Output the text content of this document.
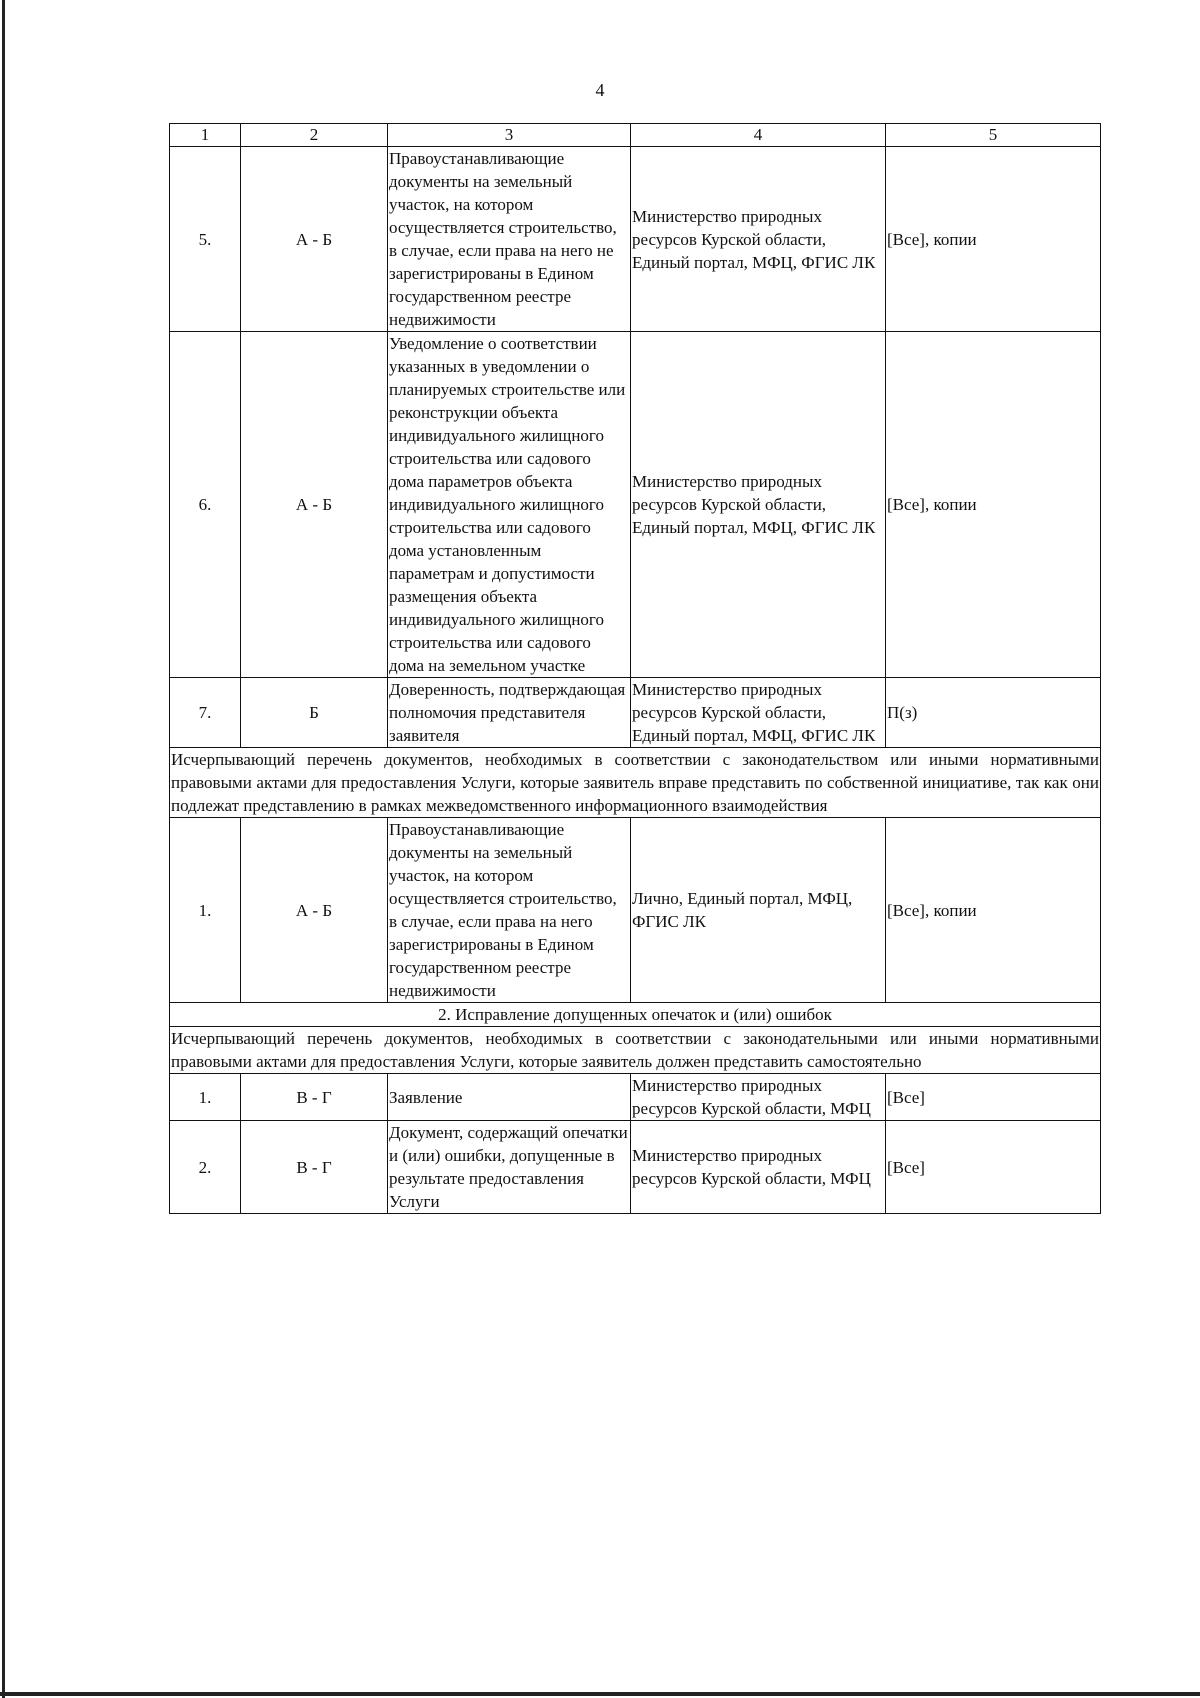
4
1	2	3	4	5
5.	А - Б	Правоустанавливающие документы на земельный участок, на котором осуществляется строительство, в случае, если права на него не зарегистрированы в Едином государственном реестре недвижимости	Министерство природных ресурсов Курской области, Единый портал, МФЦ, ФГИС ЛК	[Все], копии
6.	А - Б	Уведомление о соответствии указанных в уведомлении о планируемых строительстве или реконструкции объекта индивидуального жилищного строительства или садового дома параметров объекта индивидуального жилищного строительства или садового дома установленным параметрам и допустимости размещения объекта индивидуального жилищного строительства или садового дома на земельном участке	Министерство природных ресурсов Курской области, Единый портал, МФЦ, ФГИС ЛК	[Все], копии
7.	Б	Доверенность, подтверждающая полномочия представителя заявителя	Министерство природных ресурсов Курской области, Единый портал, МФЦ, ФГИС ЛК	П(з)
Исчерпывающий перечень документов, необходимых в соответствии с законодательством или иными нормативными правовыми актами для предоставления Услуги, которые заявитель вправе представить по собственной инициативе, так как они подлежат представлению в рамках межведомственного информационного взаимодействия				
1.	А - Б	Правоустанавливающие документы на земельный участок, на котором осуществляется строительство, в случае, если права на него зарегистрированы в Едином государственном реестре недвижимости	Лично, Единый портал, МФЦ, ФГИС ЛК	[Все], копии
2. Исправление допущенных опечаток и (или) ошибок				
Исчерпывающий перечень документов, необходимых в соответствии с законодательными или иными нормативными правовыми актами для предоставления Услуги, которые заявитель должен представить самостоятельно				
1.	В - Г	Заявление	Министерство природных ресурсов Курской области, МФЦ	[Все]
2.	В - Г	Документ, содержащий опечатки и (или) ошибки, допущенные в результате предоставления Услуги	Министерство природных ресурсов Курской области, МФЦ	[Все]
